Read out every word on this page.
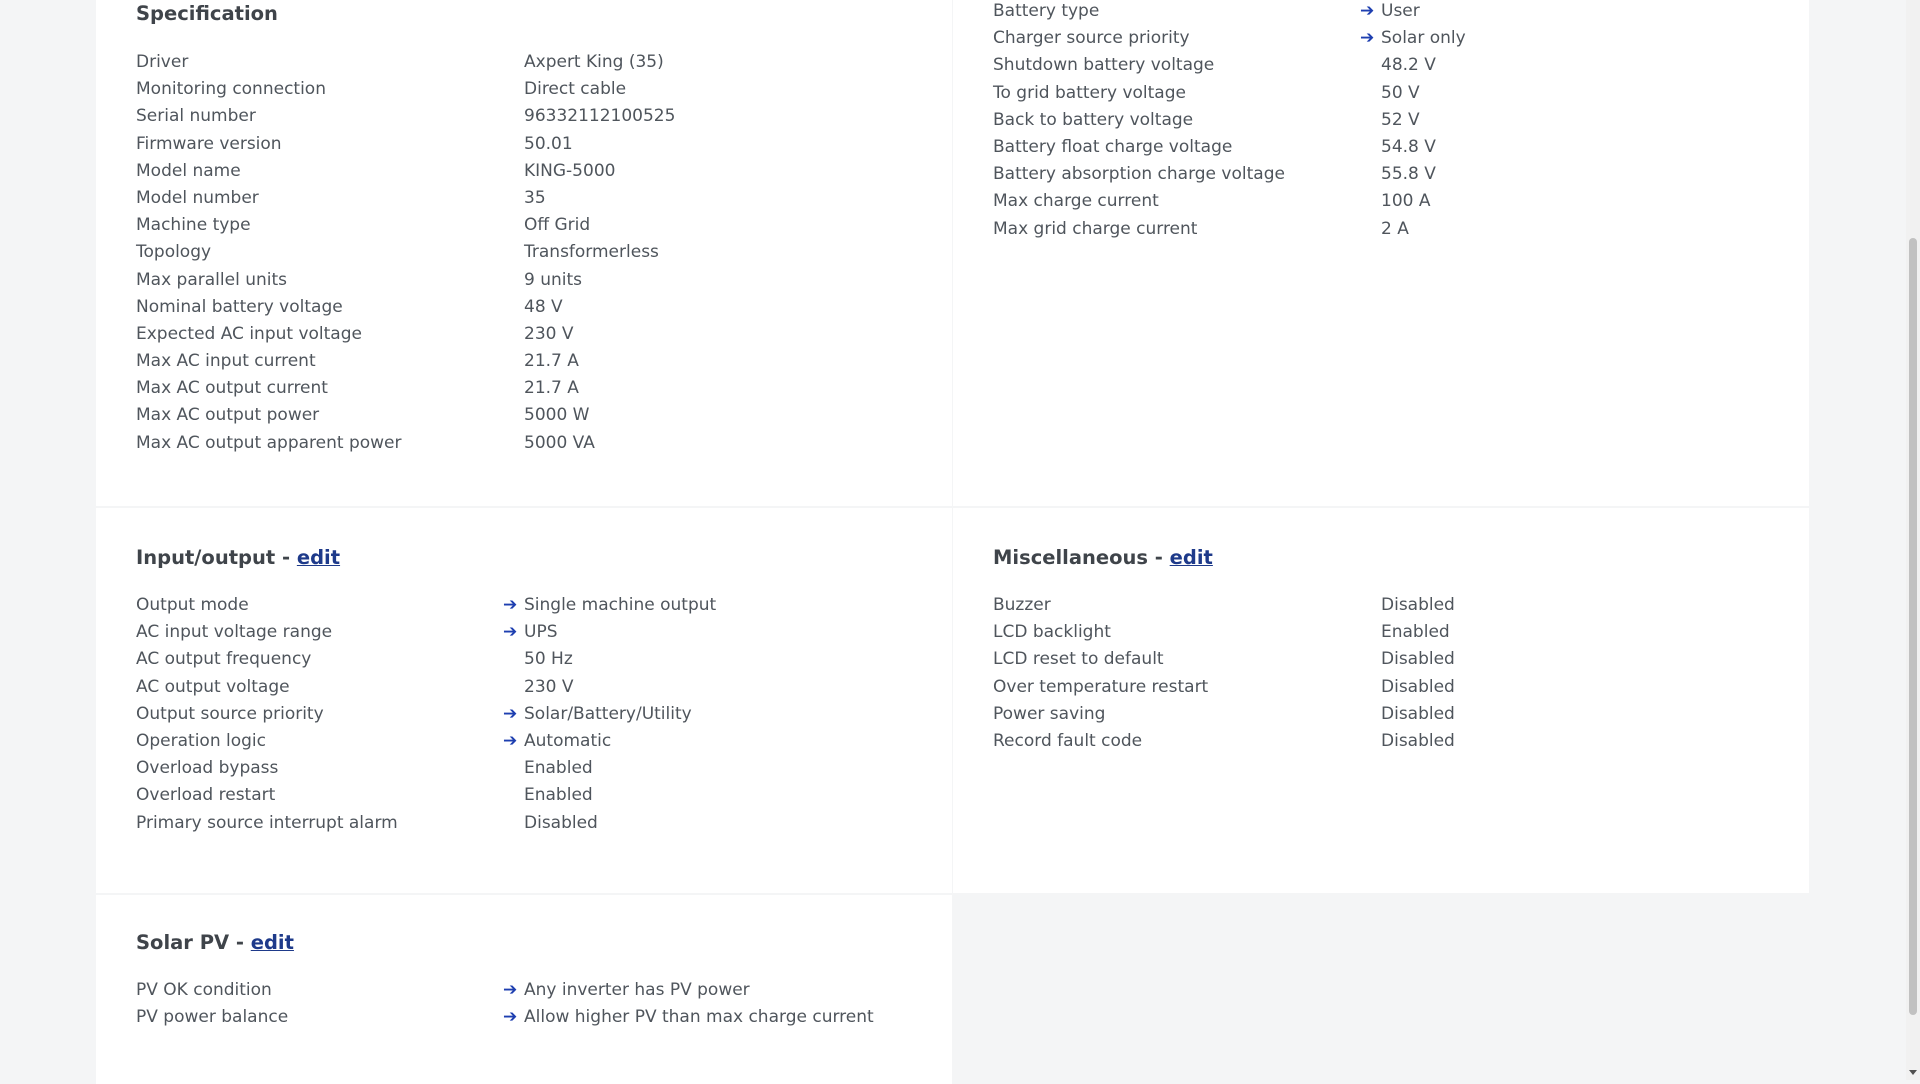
Specification
Driver	Axpert King (35)
Monitoring connection	Direct cable
Serial number	96332112100525
Firmware version	50.01
Model name	KING-5000
Model number	35
Machine type	Off Grid
Topology	Transformerless
Max parallel units	9 units
Nominal battery voltage	48 V
Expected AC input voltage	230 V
Max AC input current	21.7 A
Max AC output current	21.7 A
Max AC output power	5000 W
Max AC output apparent power	5000 VA
Battery type	➔ User
Charger source priority	➔ Solar only
Shutdown battery voltage	48.2 V
To grid battery voltage	50 V
Back to battery voltage	52 V
Battery float charge voltage	54.8 V
Battery absorption charge voltage	55.8 V
Max charge current	100 A
Max grid charge current	2 A
Input/output - edit
Output mode	➔ Single machine output
AC input voltage range	➔ UPS
AC output frequency	50 Hz
AC output voltage	230 V
Output source priority	➔ Solar/Battery/Utility
Operation logic	➔ Automatic
Overload bypass	Enabled
Overload restart	Enabled
Primary source interrupt alarm	Disabled
Miscellaneous - edit
Buzzer	Disabled
LCD backlight	Enabled
LCD reset to default	Disabled
Over temperature restart	Disabled
Power saving	Disabled
Record fault code	Disabled
Solar PV - edit
PV OK condition	➔ Any inverter has PV power
PV power balance	➔ Allow higher PV than max charge current
